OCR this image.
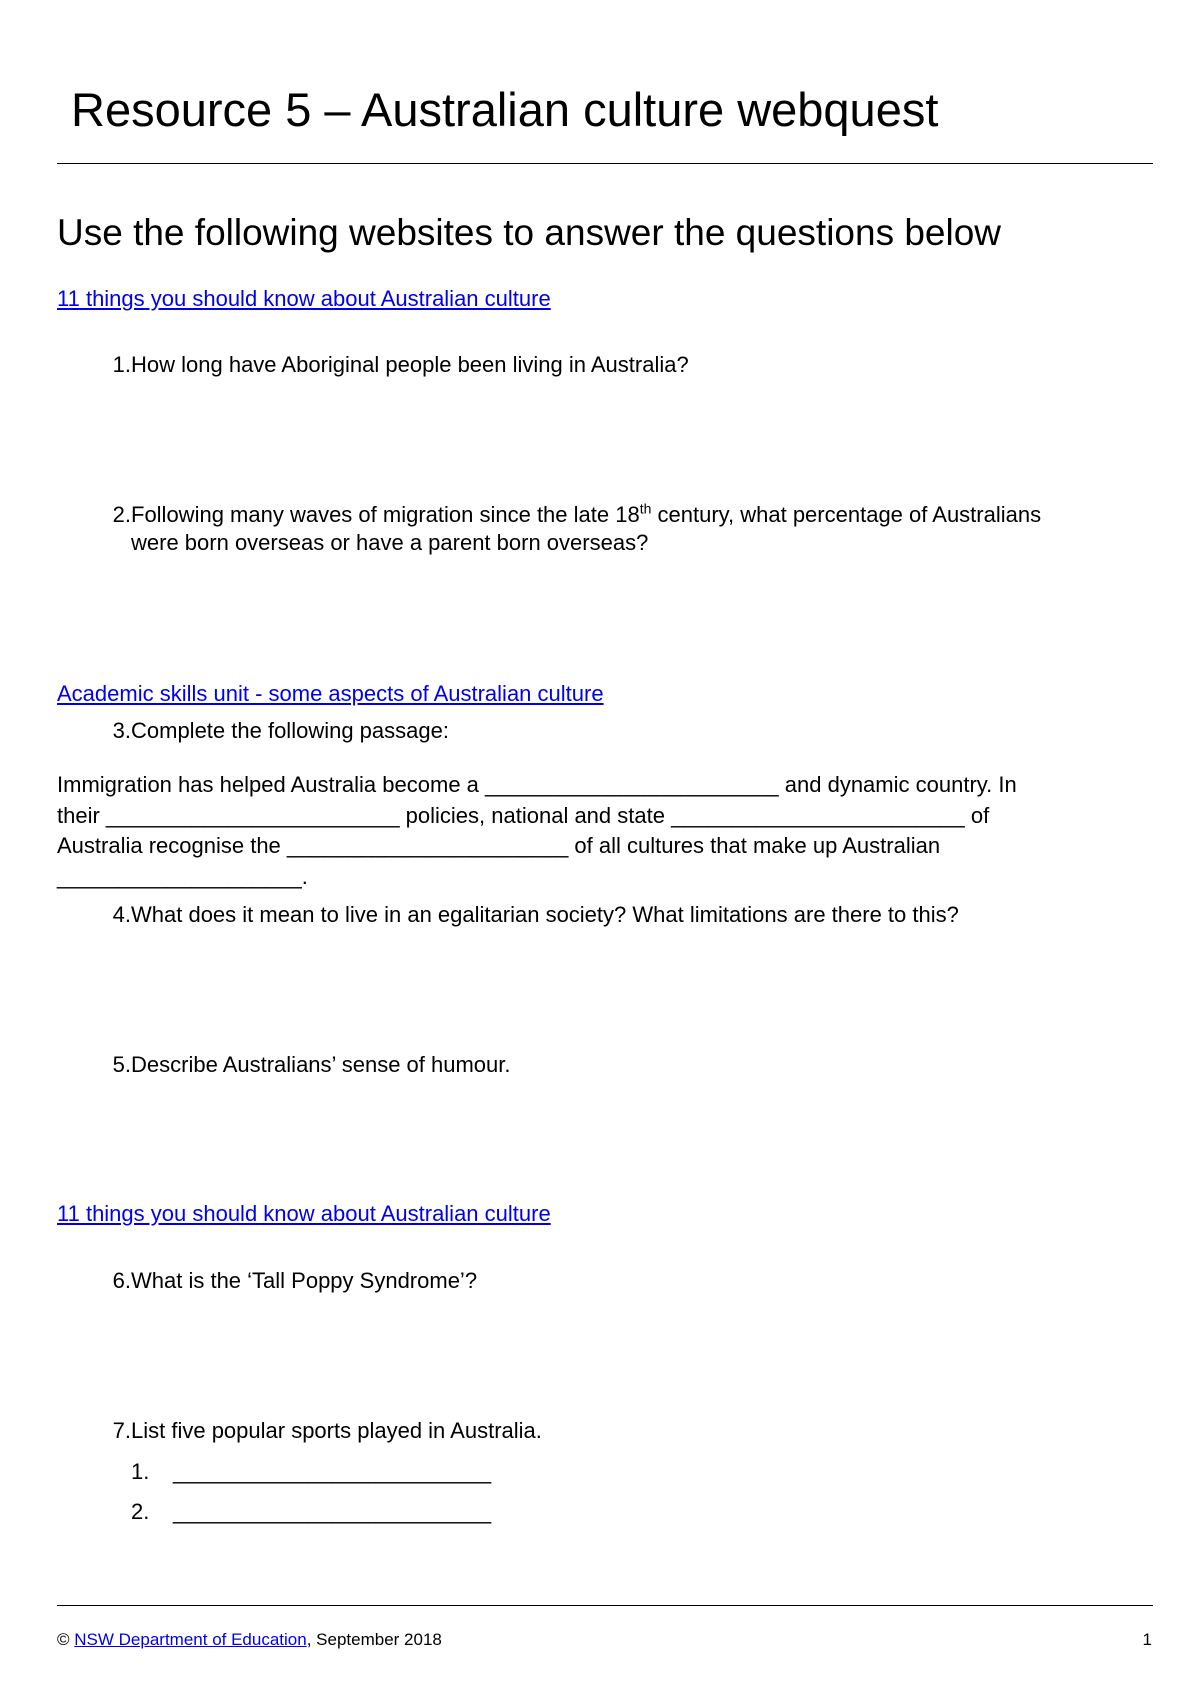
Resource 5 – Australian culture webquest
Use the following websites to answer the questions below
11 things you should know about Australian culture
1. How long have Aboriginal people been living in Australia?
2. Following many waves of migration since the late 18th century, what percentage of Australians
were born overseas or have a parent born overseas?
Academic skills unit - some aspects of Australian culture
3. Complete the following passage:
Immigration has helped Australia become a ________________________ and dynamic country. In
their ________________________ policies, national and state ________________________ of
Australia recognise the _______________________ of all cultures that make up Australian
____________________.
4. What does it mean to live in an egalitarian society? What limitations are there to this?
5. Describe Australians’ sense of humour.
11 things you should know about Australian culture
6. What is the ‘Tall Poppy Syndrome’?
7. List five popular sports played in Australia.
1. __________________________
2. __________________________
© NSW Department of Education, September 2018	1
